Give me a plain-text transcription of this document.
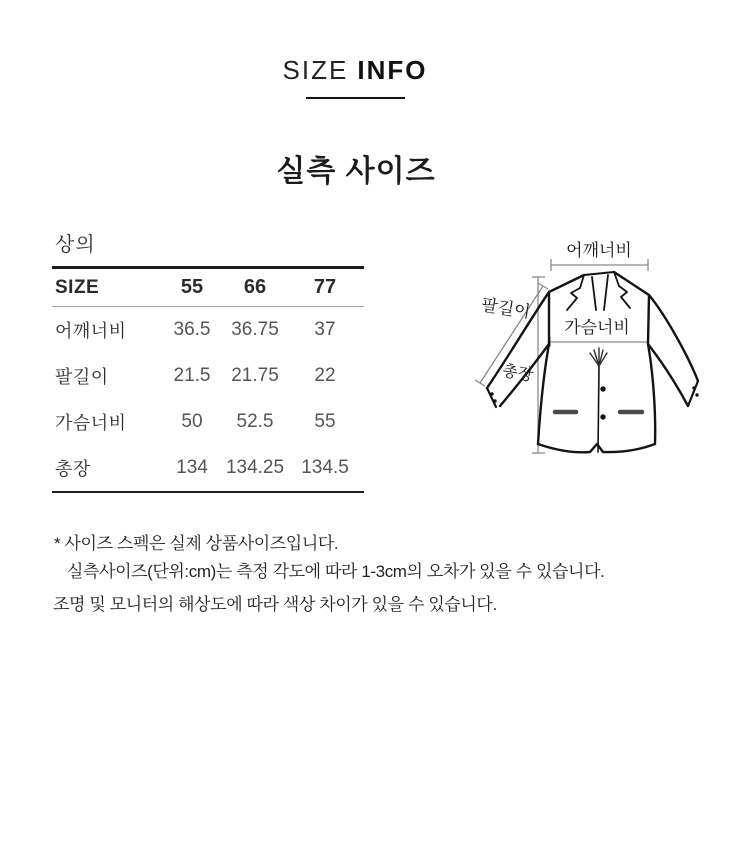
SIZE INFO
실측 사이즈
상의
SIZE	55	66	77
어깨너비	36.5	36.75	37
팔길이	21.5	21.75	22
가슴너비	50	52.5	55
총장	134 134.25 134.5
* 사이즈 스펙은 실제 상품사이즈입니다.
실측사이즈(단위:cm)는 측정 각도에 따라 1-3cm의 오차가 있을 수 있습니다.
조명 및 모니터의 해상도에 따라 색상 차이가 있을 수 있습니다.
어깨너비
가슴너비
팔길이
총장
